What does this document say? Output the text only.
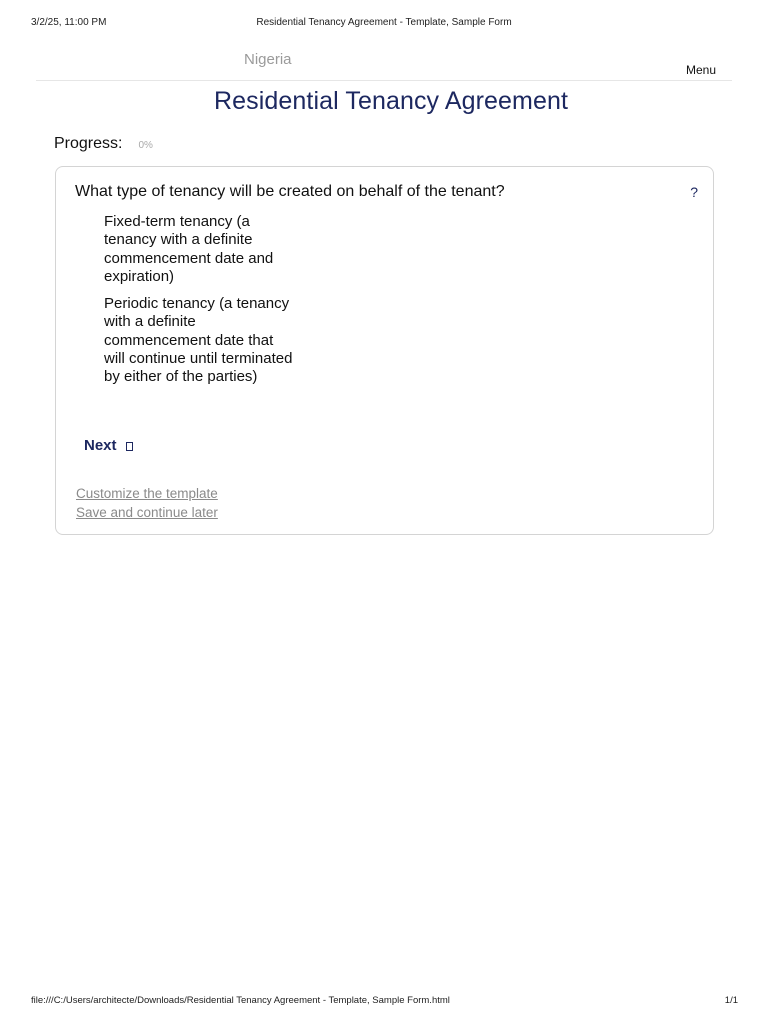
3/2/25, 11:00 PM	Residential Tenancy Agreement - Template, Sample Form
Nigeria
Menu
Residential Tenancy Agreement
Progress: 0%
What type of tenancy will be created on behalf of the tenant?	?
Fixed-term tenancy (a tenancy with a definite commencement date and expiration)
Periodic tenancy (a tenancy with a definite commencement date that will continue until terminated by either of the parties)
Next
Customize the template
Save and continue later
file:///C:/Users/architecte/Downloads/Residential Tenancy Agreement - Template, Sample Form.html	1/1
